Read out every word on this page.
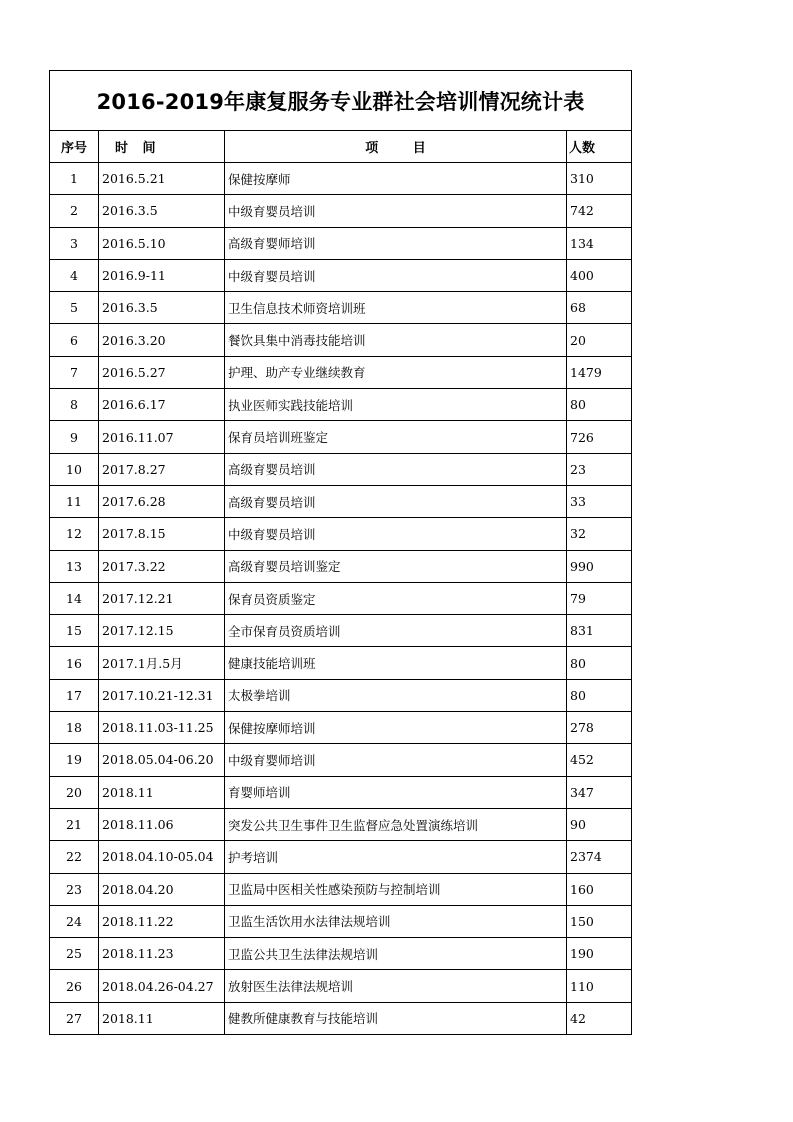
2016-2019年康复服务专业群社会培训情况统计表			
序号	时 间	项 目	人数
1	2016.5.21	保健按摩师	310
2	2016.3.5	中级育婴员培训	742
3	2016.5.10	高级育婴师培训	134
4	2016.9-11	中级育婴员培训	400
5	2016.3.5	卫生信息技术师资培训班	68
6	2016.3.20	餐饮具集中消毒技能培训	20
7	2016.5.27	护理、助产专业继续教育	1479
8	2016.6.17	执业医师实践技能培训	80
9	2016.11.07	保育员培训班鉴定	726
10	2017.8.27	高级育婴员培训	23
11	2017.6.28	高级育婴员培训	33
12	2017.8.15	中级育婴员培训	32
13	2017.3.22	高级育婴员培训鉴定	990
14	2017.12.21	保育员资质鉴定	79
15	2017.12.15	全市保育员资质培训	831
16	2017.1月.5月	健康技能培训班	80
17	2017.10.21-12.31	太极拳培训	80
18	2018.11.03-11.25	保健按摩师培训	278
19	2018.05.04-06.20	中级育婴师培训	452
20	2018.11	育婴师培训	347
21	2018.11.06	突发公共卫生事件卫生监督应急处置演练培训	90
22	2018.04.10-05.04	护考培训	2374
23	2018.04.20	卫监局中医相关性感染预防与控制培训	160
24	2018.11.22	卫监生活饮用水法律法规培训	150
25	2018.11.23	卫监公共卫生法律法规培训	190
26	2018.04.26-04.27	放射医生法律法规培训	110
27	2018.11	健教所健康教育与技能培训	42
